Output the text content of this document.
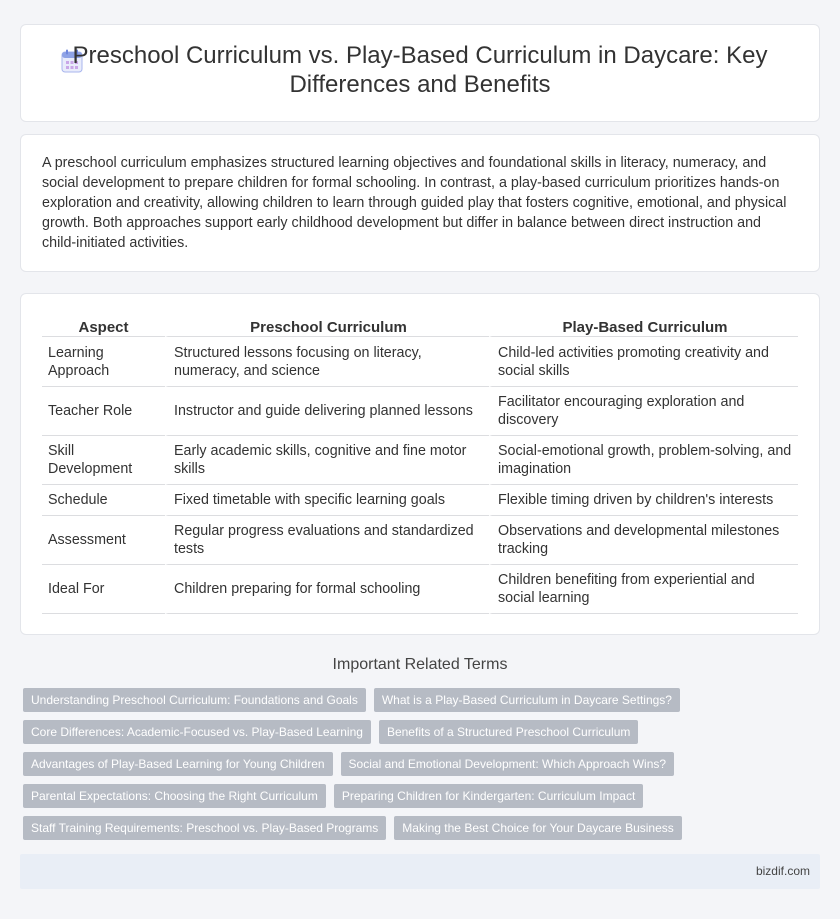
Preschool Curriculum vs. Play-Based Curriculum in Daycare: Key Differences and Benefits

A preschool curriculum emphasizes structured learning objectives and foundational skills in literacy, numeracy, and social development to prepare children for formal schooling. In contrast, a play-based curriculum prioritizes hands-on exploration and creativity, allowing children to learn through guided play that fosters cognitive, emotional, and physical growth. Both approaches support early childhood development but differ in balance between direct instruction and child-initiated activities.

Aspect	Preschool Curriculum	Play-Based Curriculum
Learning Approach	Structured lessons focusing on literacy, numeracy, and science	Child-led activities promoting creativity and social skills
Teacher Role	Instructor and guide delivering planned lessons	Facilitator encouraging exploration and discovery
Skill Development	Early academic skills, cognitive and fine motor skills	Social-emotional growth, problem-solving, and imagination
Schedule	Fixed timetable with specific learning goals	Flexible timing driven by children's interests
Assessment	Regular progress evaluations and standardized tests	Observations and developmental milestones tracking
Ideal For	Children preparing for formal schooling	Children benefiting from experiential and social learning
Important Related Terms
Understanding Preschool Curriculum: Foundations and Goals	What is a Play-Based Curriculum in Daycare Settings?
Core Differences: Academic-Focused vs. Play-Based Learning	Benefits of a Structured Preschool Curriculum
Advantages of Play-Based Learning for Young Children	Social and Emotional Development: Which Approach Wins?
Parental Expectations: Choosing the Right Curriculum	Preparing Children for Kindergarten: Curriculum Impact
Staff Training Requirements: Preschool vs. Play-Based Programs	Making the Best Choice for Your Daycare Business
bizdif.com
